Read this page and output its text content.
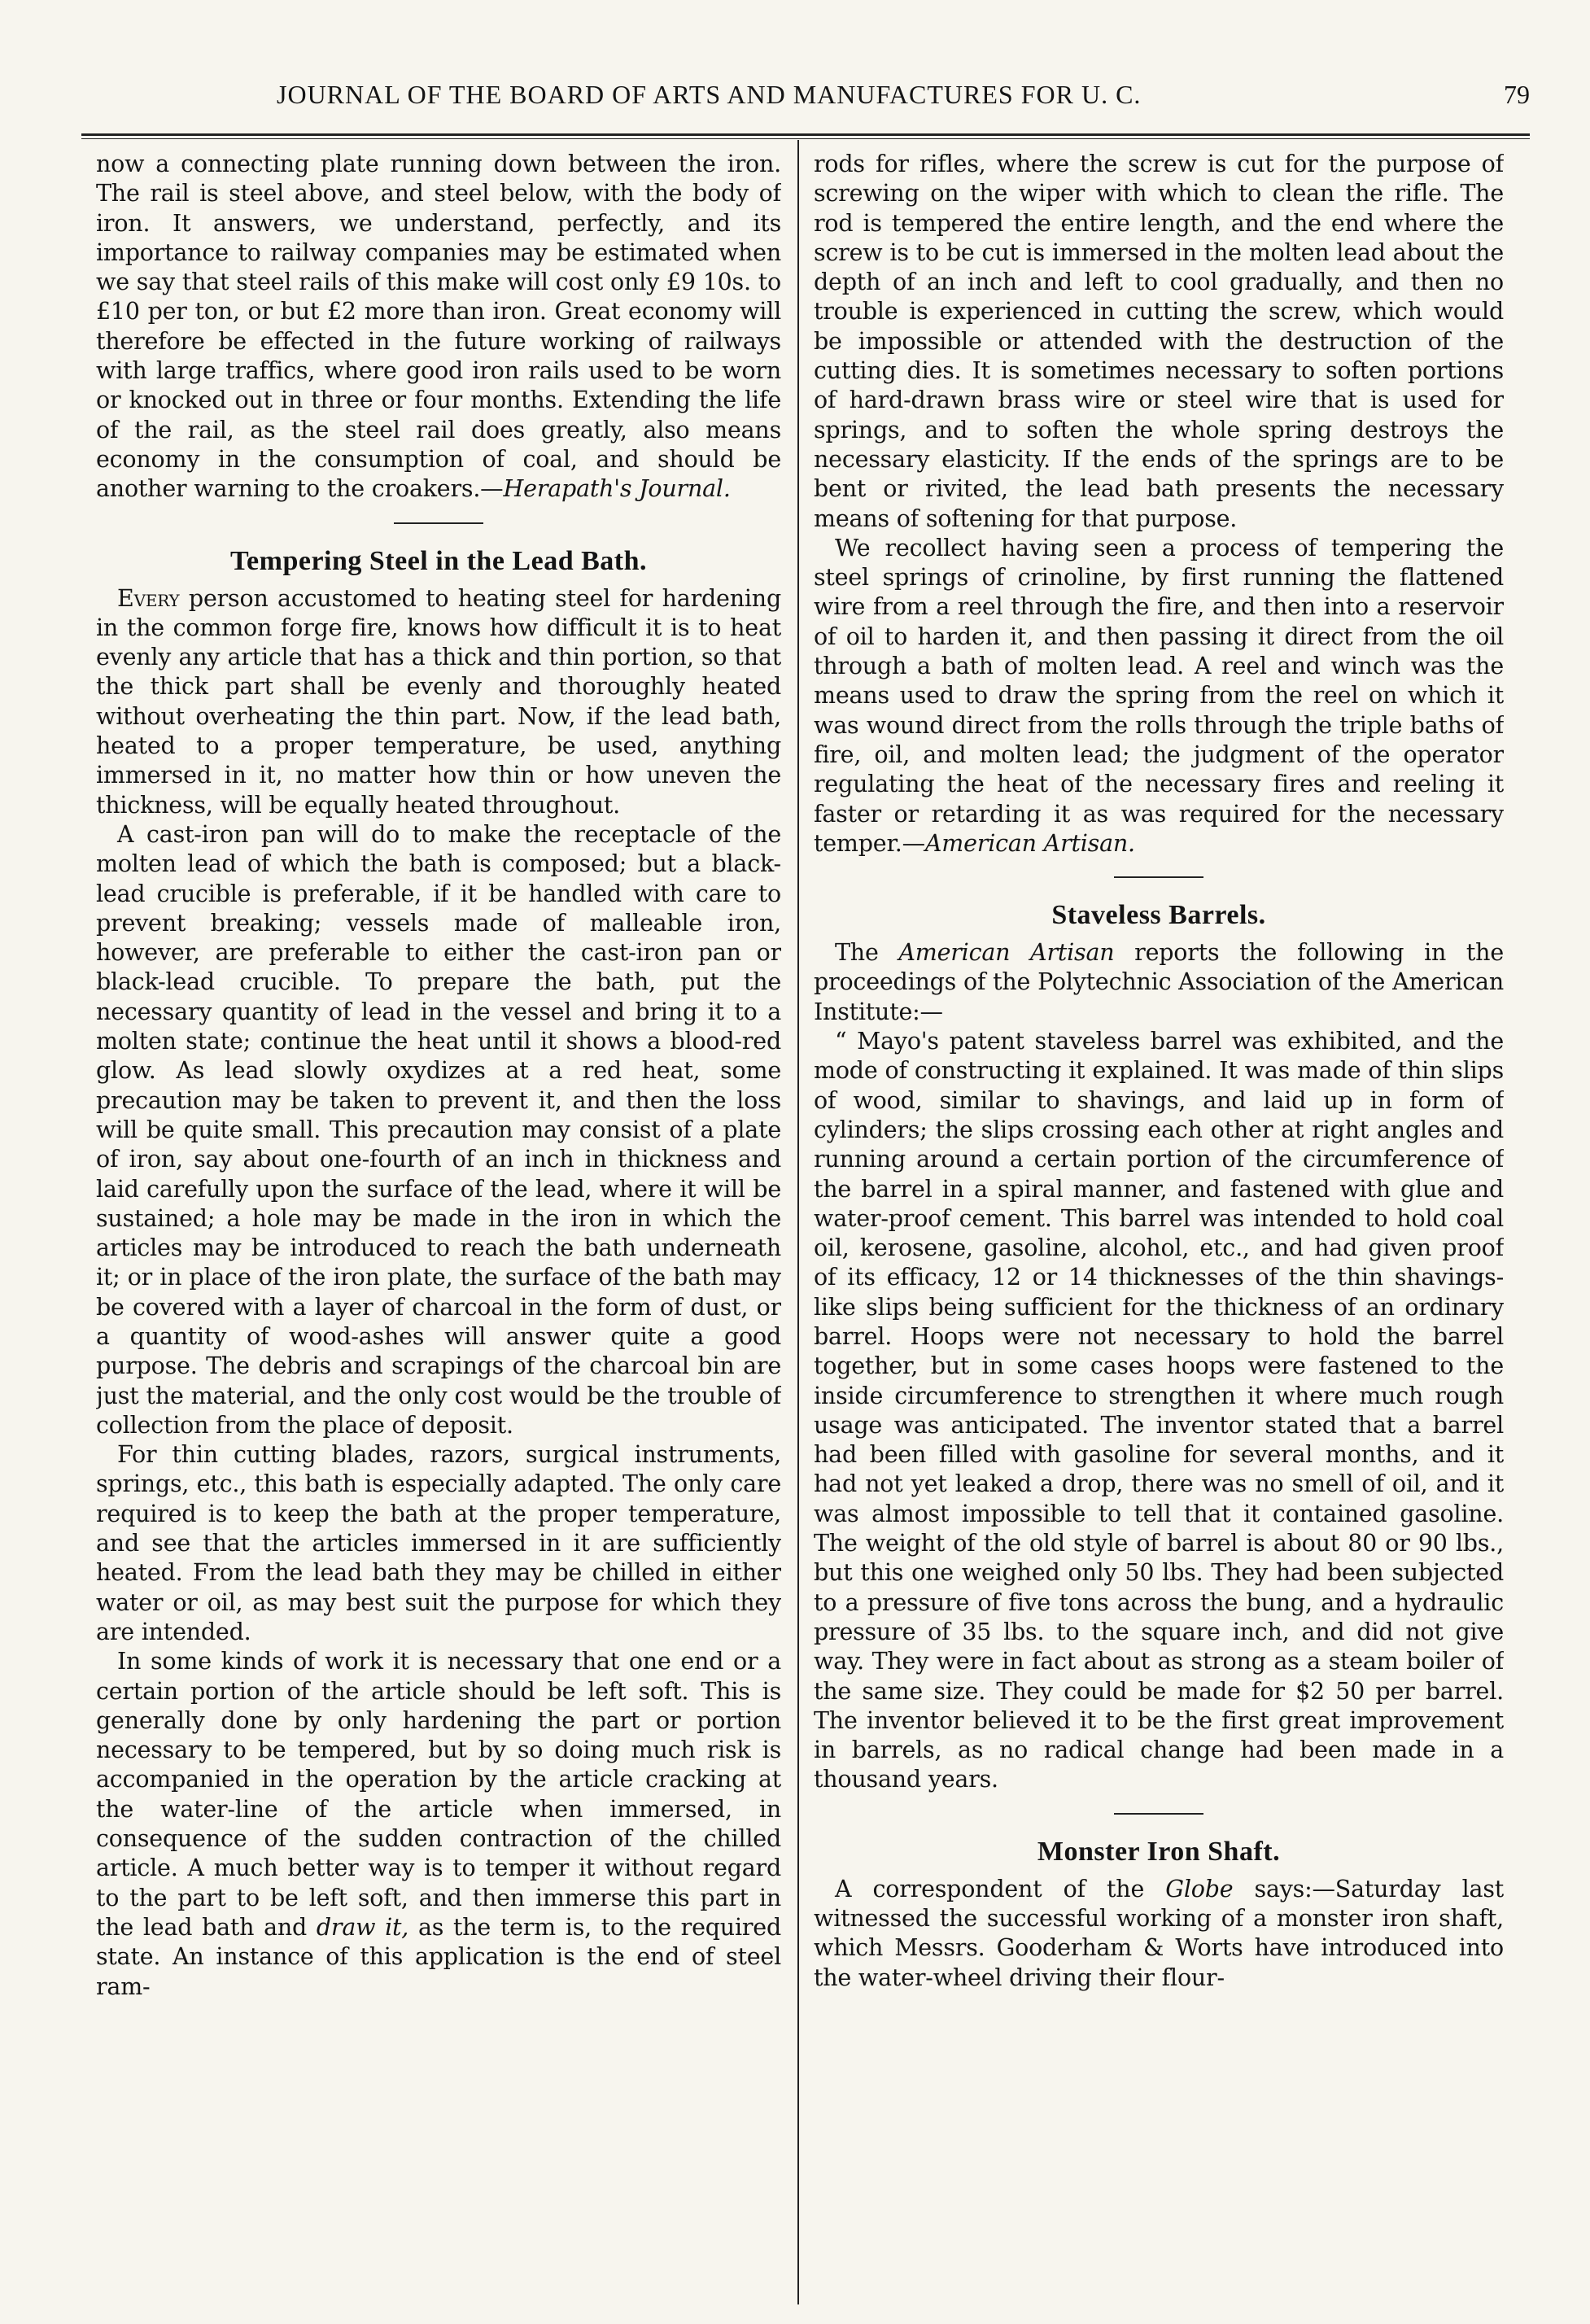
JOURNAL OF THE BOARD OF ARTS AND MANUFACTURES FOR U. C.	79

now a connecting plate running down between the iron. The rail is steel above, and steel below, with the body of iron. It answers, we understand, perfectly, and its importance to railway companies may be estimated when we say that steel rails of this make will cost only £9 10s. to £10 per ton, or but £2 more than iron. Great economy will therefore be effected in the future working of railways with large traffics, where good iron rails used to be worn or knocked out in three or four months. Extending the life of the rail, as the steel rail does greatly, also means economy in the consumption of coal, and should be another warning to the croakers.—Herapath's Journal.

Tempering Steel in the Lead Bath.

Every person accustomed to heating steel for hardening in the common forge fire, knows how difficult it is to heat evenly any article that has a thick and thin portion, so that the thick part shall be evenly and thoroughly heated without overheating the thin part. Now, if the lead bath, heated to a proper temperature, be used, anything immersed in it, no matter how thin or how uneven the thickness, will be equally heated throughout.

A cast-iron pan will do to make the receptacle of the molten lead of which the bath is composed; but a black-lead crucible is preferable, if it be handled with care to prevent breaking; vessels made of malleable iron, however, are preferable to either the cast-iron pan or black-lead crucible. To prepare the bath, put the necessary quantity of lead in the vessel and bring it to a molten state; continue the heat until it shows a blood-red glow. As lead slowly oxydizes at a red heat, some precaution may be taken to prevent it, and then the loss will be quite small. This precaution may consist of a plate of iron, say about one-fourth of an inch in thickness and laid carefully upon the surface of the lead, where it will be sustained; a hole may be made in the iron in which the articles may be introduced to reach the bath underneath it; or in place of the iron plate, the surface of the bath may be covered with a layer of charcoal in the form of dust, or a quantity of wood-ashes will answer quite a good purpose. The debris and scrapings of the charcoal bin are just the material, and the only cost would be the trouble of collection from the place of deposit.

For thin cutting blades, razors, surgical instruments, springs, etc., this bath is especially adapted. The only care required is to keep the bath at the proper temperature, and see that the articles immersed in it are sufficiently heated. From the lead bath they may be chilled in either water or oil, as may best suit the purpose for which they are intended.

In some kinds of work it is necessary that one end or a certain portion of the article should be left soft. This is generally done by only hardening the part or portion necessary to be tempered, but by so doing much risk is accompanied in the operation by the article cracking at the water-line of the article when immersed, in consequence of the sudden contraction of the chilled article. A much better way is to temper it without regard to the part to be left soft, and then immerse this part in the lead bath and draw it, as the term is, to the required state. An instance of this application is the end of steel ram-

rods for rifles, where the screw is cut for the purpose of screwing on the wiper with which to clean the rifle. The rod is tempered the entire length, and the end where the screw is to be cut is immersed in the molten lead about the depth of an inch and left to cool gradually, and then no trouble is experienced in cutting the screw, which would be impossible or attended with the destruction of the cutting dies. It is sometimes necessary to soften portions of hard-drawn brass wire or steel wire that is used for springs, and to soften the whole spring destroys the necessary elasticity. If the ends of the springs are to be bent or rivited, the lead bath presents the necessary means of softening for that purpose.

We recollect having seen a process of tempering the steel springs of crinoline, by first running the flattened wire from a reel through the fire, and then into a reservoir of oil to harden it, and then passing it direct from the oil through a bath of molten lead. A reel and winch was the means used to draw the spring from the reel on which it was wound direct from the rolls through the triple baths of fire, oil, and molten lead; the judgment of the operator regulating the heat of the necessary fires and reeling it faster or retarding it as was required for the necessary temper.—American Artisan.

Staveless Barrels.

The American Artisan reports the following in the proceedings of the Polytechnic Association of the American Institute:—

“ Mayo's patent staveless barrel was exhibited, and the mode of constructing it explained. It was made of thin slips of wood, similar to shavings, and laid up in form of cylinders; the slips crossing each other at right angles and running around a certain portion of the circumference of the barrel in a spiral manner, and fastened with glue and water-proof cement. This barrel was intended to hold coal oil, kerosene, gasoline, alcohol, etc., and had given proof of its efficacy, 12 or 14 thicknesses of the thin shavings-like slips being sufficient for the thickness of an ordinary barrel. Hoops were not necessary to hold the barrel together, but in some cases hoops were fastened to the inside circumference to strengthen it where much rough usage was anticipated. The inventor stated that a barrel had been filled with gasoline for several months, and it had not yet leaked a drop, there was no smell of oil, and it was almost impossible to tell that it contained gasoline. The weight of the old style of barrel is about 80 or 90 lbs., but this one weighed only 50 lbs. They had been subjected to a pressure of five tons across the bung, and a hydraulic pressure of 35 lbs. to the square inch, and did not give way. They were in fact about as strong as a steam boiler of the same size. They could be made for $2 50 per barrel. The inventor believed it to be the first great improvement in barrels, as no radical change had been made in a thousand years.

Monster Iron Shaft.

A correspondent of the Globe says:—Saturday last witnessed the successful working of a monster iron shaft, which Messrs. Gooderham & Worts have introduced into the water-wheel driving their flour-
